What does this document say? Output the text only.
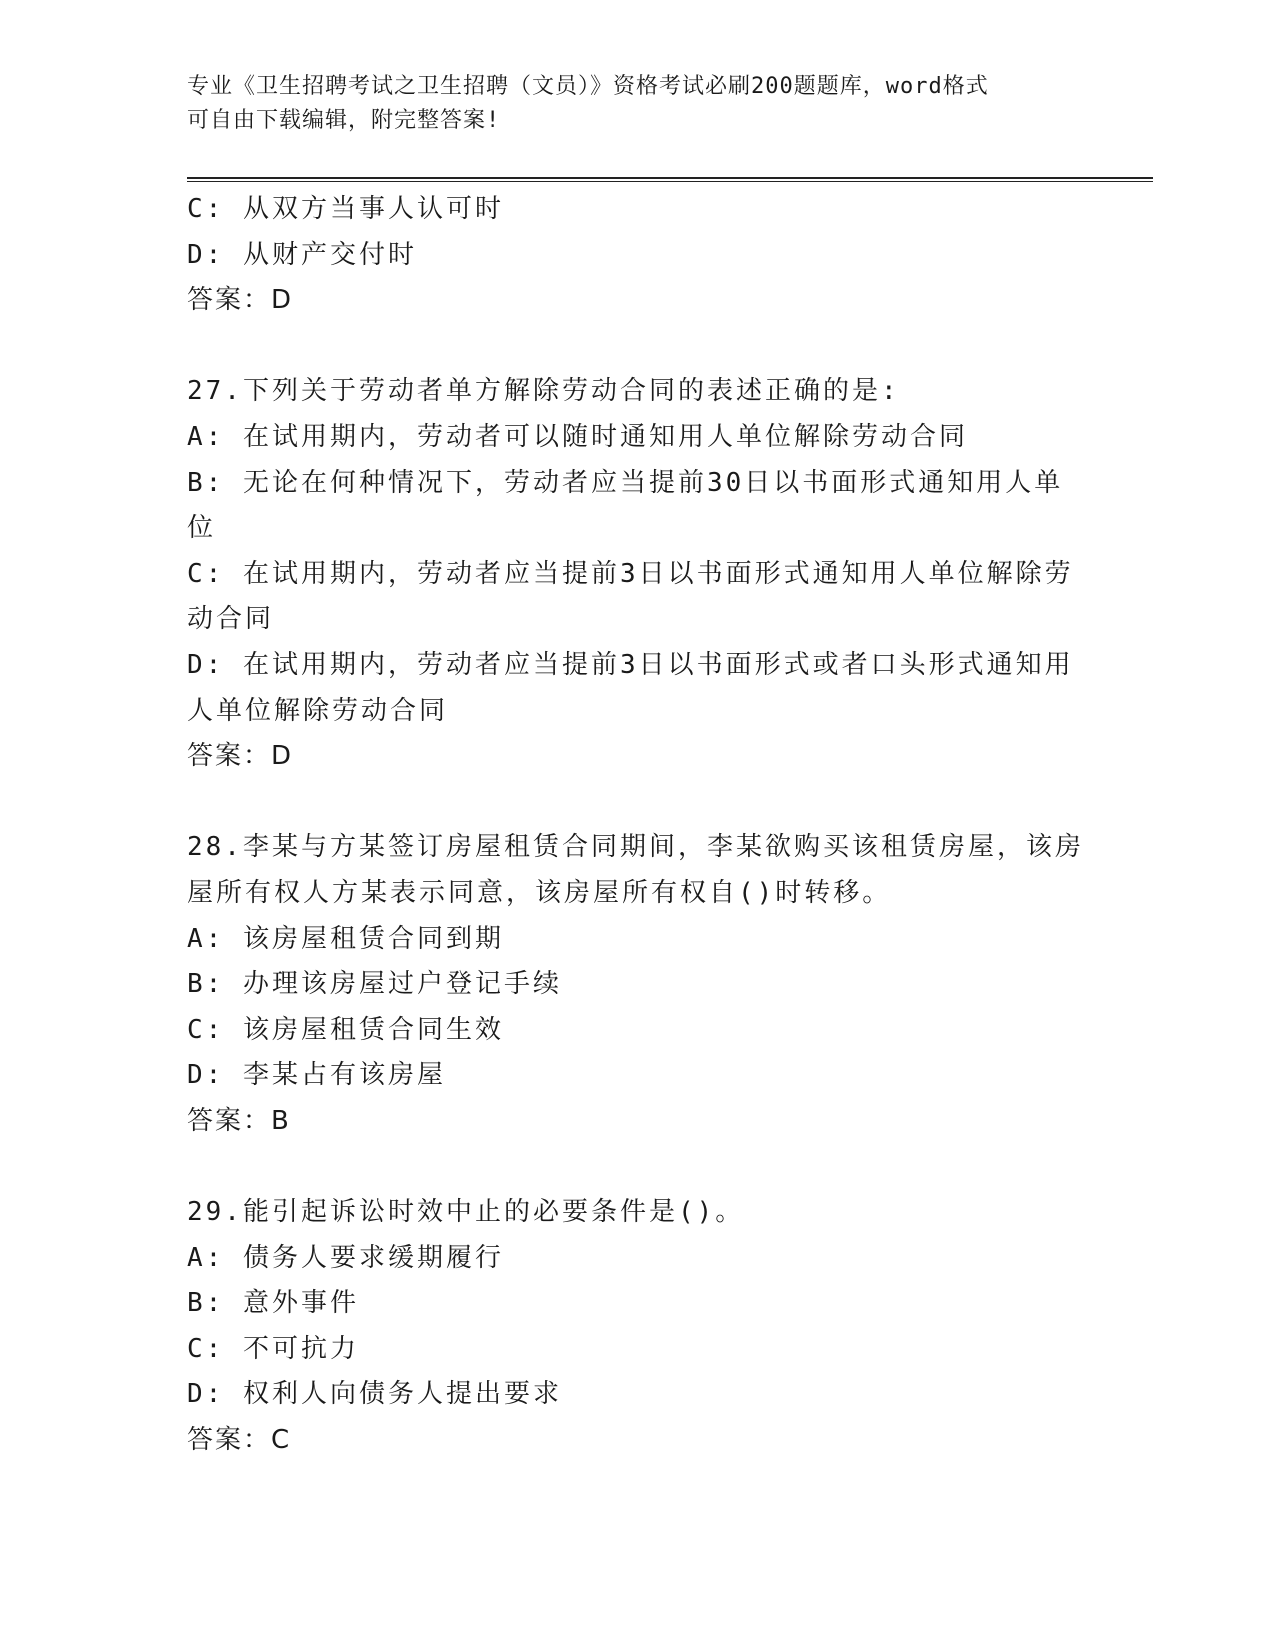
专业《卫生招聘考试之卫生招聘（文员）》资格考试必刷200题题库，word格式
可自由下载编辑，附完整答案!

C: 从双方当事人认可时

D: 从财产交付时

答案：D

27.下列关于劳动者单方解除劳动合同的表述正确的是:

A: 在试用期内，劳动者可以随时通知用人单位解除劳动合同

B: 无论在何种情况下，劳动者应当提前30日以书面形式通知用人单位

C: 在试用期内，劳动者应当提前3日以书面形式通知用人单位解除劳动合同

D: 在试用期内，劳动者应当提前3日以书面形式或者口头形式通知用人单位解除劳动合同

答案：D

28.李某与方某签订房屋租赁合同期间，李某欲购买该租赁房屋，该房屋所有权人方某表示同意，该房屋所有权自()时转移。

A: 该房屋租赁合同到期

B: 办理该房屋过户登记手续

C: 该房屋租赁合同生效

D: 李某占有该房屋

答案：B

29.能引起诉讼时效中止的必要条件是()。

A: 债务人要求缓期履行

B: 意外事件

C: 不可抗力

D: 权利人向债务人提出要求

答案：C
